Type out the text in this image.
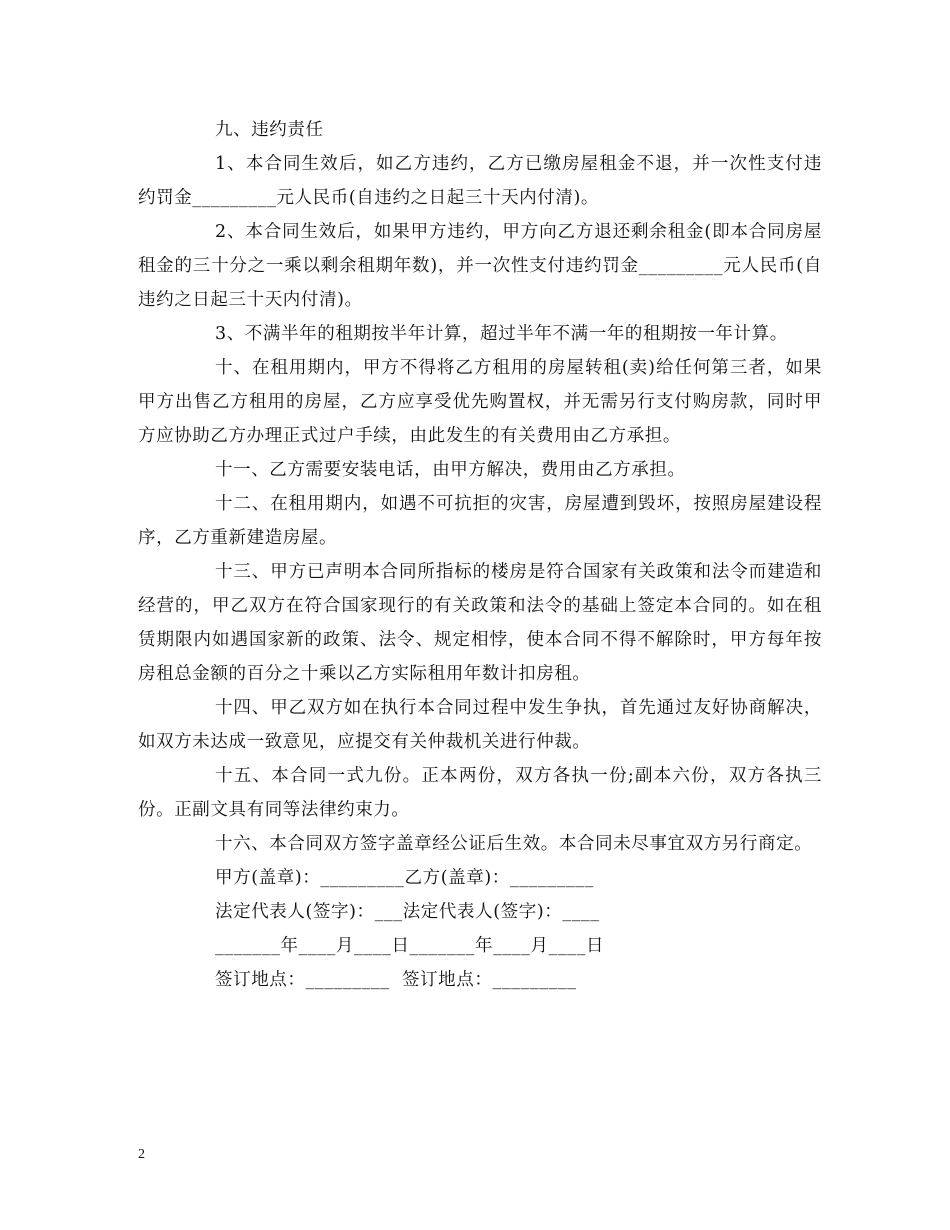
九、违约责任

1、本合同生效后，如乙方违约，乙方已缴房屋租金不退，并一次性支付违约罚金_________元人民币(自违约之日起三十天内付清)。

2、本合同生效后，如果甲方违约，甲方向乙方退还剩余租金(即本合同房屋租金的三十分之一乘以剩余租期年数)，并一次性支付违约罚金_________元人民币(自违约之日起三十天内付清)。

3、不满半年的租期按半年计算，超过半年不满一年的租期按一年计算。

十、在租用期内，甲方不得将乙方租用的房屋转租(卖)给任何第三者，如果甲方出售乙方租用的房屋，乙方应享受优先购置权，并无需另行支付购房款，同时甲方应协助乙方办理正式过户手续，由此发生的有关费用由乙方承担。

十一、乙方需要安装电话，由甲方解决，费用由乙方承担。

十二、在租用期内，如遇不可抗拒的灾害，房屋遭到毁坏，按照房屋建设程序，乙方重新建造房屋。

十三、甲方已声明本合同所指标的楼房是符合国家有关政策和法令而建造和经营的，甲乙双方在符合国家现行的有关政策和法令的基础上签定本合同的。如在租赁期限内如遇国家新的政策、法令、规定相悖，使本合同不得不解除时，甲方每年按房租总金额的百分之十乘以乙方实际租用年数计扣房租。

十四、甲乙双方如在执行本合同过程中发生争执，首先通过友好协商解决，如双方未达成一致意见，应提交有关仲裁机关进行仲裁。

十五、本合同一式九份。正本两份，双方各执一份;副本六份，双方各执三份。正副文具有同等法律约束力。

十六、本合同双方签字盖章经公证后生效。本合同未尽事宜双方另行商定。

甲方(盖章)：_________乙方(盖章)：_________

法定代表人(签字)：___法定代表人(签字)：____

_______年____月____日_______年____月____日

签订地点：_________  签订地点：_________

2
